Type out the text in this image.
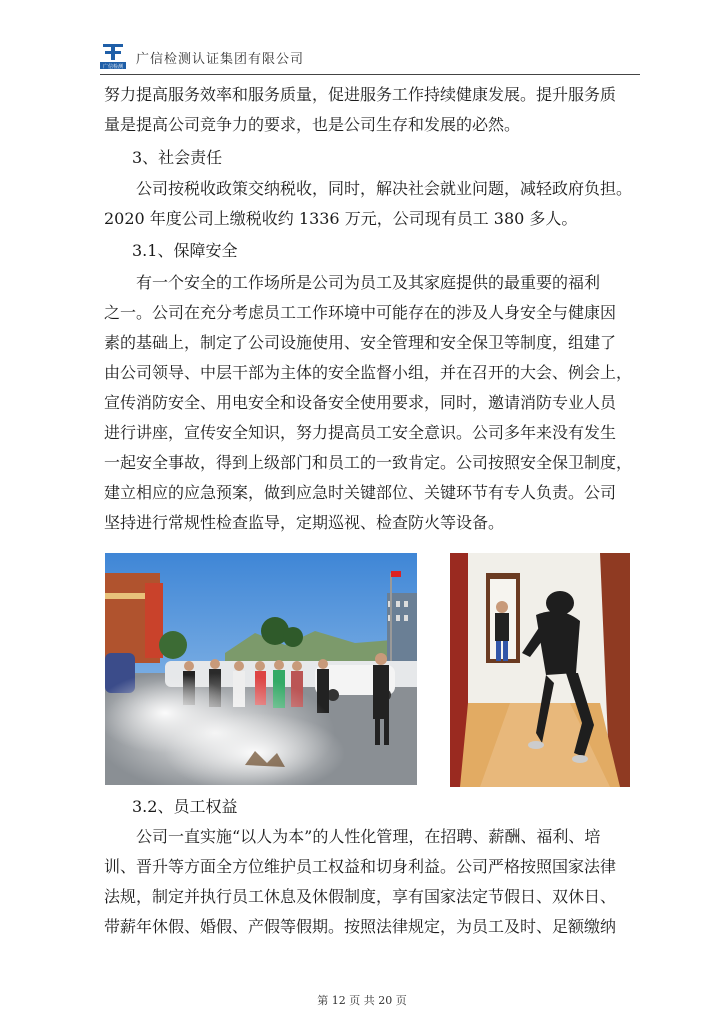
广信检测 广信检测认证集团有限公司
努力提高服务效率和服务质量，促进服务工作持续健康发展。提升服务质
量是提高公司竞争力的要求，也是公司生存和发展的必然。
3、社会责任
　　公司按税收政策交纳税收，同时，解决社会就业问题，减轻政府负担。
2020 年度公司上缴税收约 1336 万元，公司现有员工 380 多人。
3.1、保障安全
　　有一个安全的工作场所是公司为员工及其家庭提供的最重要的福利
之一。公司在充分考虑员工工作环境中可能存在的涉及人身安全与健康因
素的基础上，制定了公司设施使用、安全管理和安全保卫等制度，组建了
由公司领导、中层干部为主体的安全监督小组，并在召开的大会、例会上，
宣传消防安全、用电安全和设备安全使用要求，同时，邀请消防专业人员
进行讲座，宣传安全知识，努力提高员工安全意识。公司多年来没有发生
一起安全事故，得到上级部门和员工的一致肯定。公司按照安全保卫制度，
建立相应的应急预案，做到应急时关键部位、关键环节有专人负责。公司
坚持进行常规性检查监导，定期巡视、检查防火等设备。
3.2、员工权益
　　公司一直实施“以人为本”的人性化管理，在招聘、薪酬、福利、培
训、晋升等方面全方位维护员工权益和切身利益。公司严格按照国家法律
法规，制定并执行员工休息及休假制度，享有国家法定节假日、双休日、
带薪年休假、婚假、产假等假期。按照法律规定，为员工及时、足额缴纳
第 12 页 共 20 页
